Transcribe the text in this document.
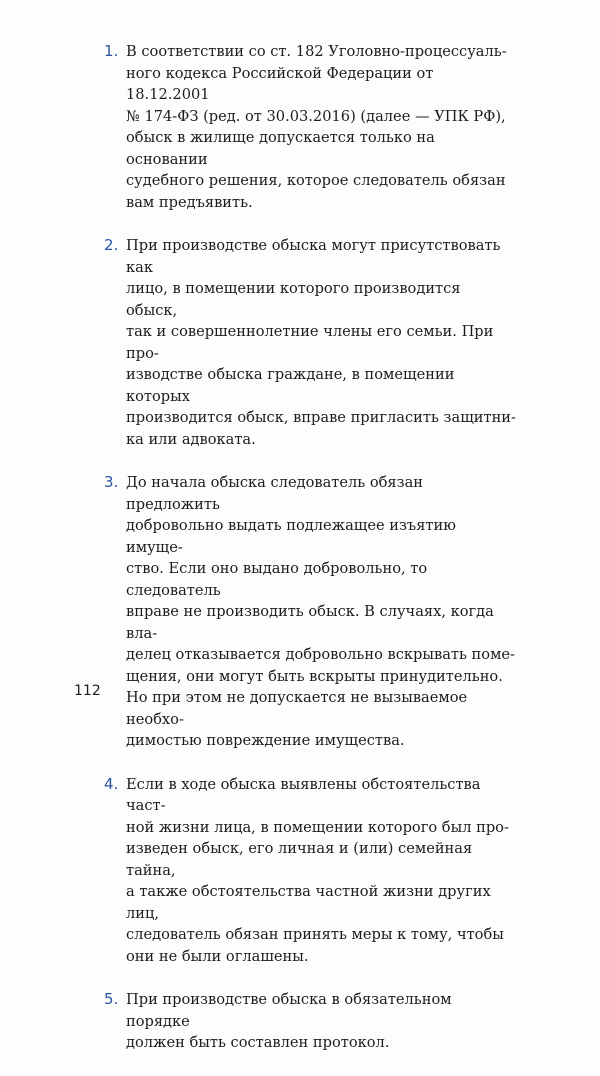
1. В соответствии со ст. 182 Уголовно-процессуаль-
ного кодекса Российской Федерации от 18.12.2001
№ 174-ФЗ (ред. от 30.03.2016) (далее — УПК РФ),
обыск в жилище допускается только на основании
судебного решения, которое следователь обязан
вам предъявить.
2. При производстве обыска могут присутствовать как
лицо, в помещении которого производится обыск,
так и совершеннолетние члены его семьи. При про-
изводстве обыска граждане, в помещении которых
производится обыск, вправе пригласить защитни-
ка или адвоката.
3. До начала обыска следователь обязан предложить
добровольно выдать подлежащее изъятию имуще-
ство. Если оно выдано добровольно, то следователь
вправе не производить обыск. В случаях, когда вла-
делец отказывается добровольно вскрывать поме-
щения, они могут быть вскрыты принудительно.
Но при этом не допускается не вызываемое необхо-
димостью повреждение имущества.
4. Если в ходе обыска выявлены обстоятельства част-
ной жизни лица, в помещении которого был про-
изведен обыск, его личная и (или) семейная тайна,
а также обстоятельства частной жизни других лиц,
следователь обязан принять меры к тому, чтобы
они не были оглашены.
5. При производстве обыска в обязательном порядке
должен быть составлен протокол.
112
